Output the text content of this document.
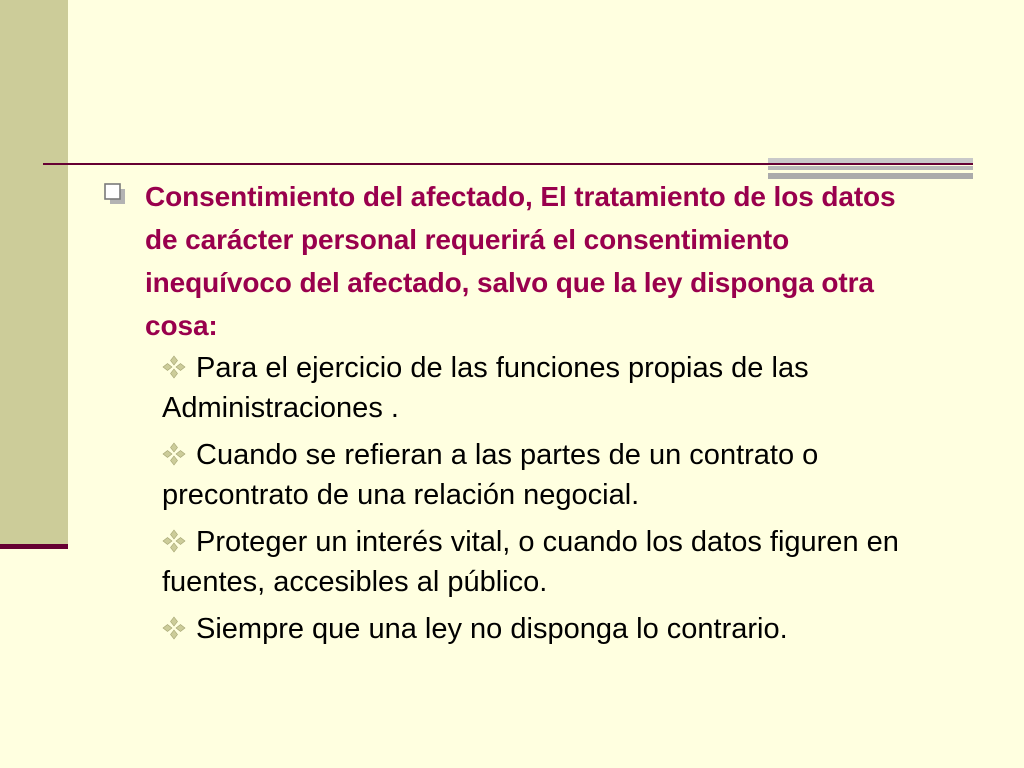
Consentimiento del afectado, El tratamiento de los datos de carácter personal requerirá el consentimiento inequívoco del afectado, salvo que la ley disponga otra cosa:
Para el ejercicio de las funciones propias de las Administraciones .
Cuando se refieran a las partes de un contrato o precontrato de una relación negocial.
Proteger un interés vital, o cuando los datos figuren en fuentes, accesibles al público.
Siempre que una ley no disponga lo contrario.
